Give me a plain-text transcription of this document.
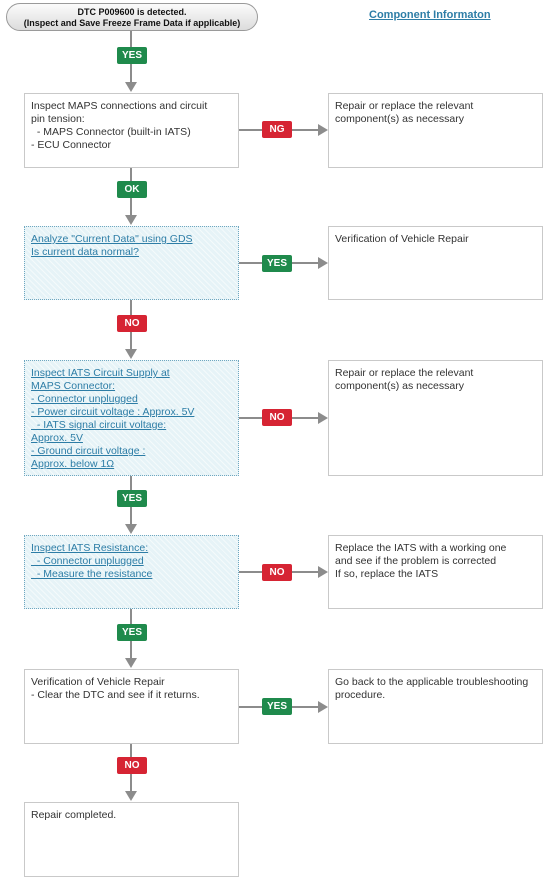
DTC P009600 is detected.
(Inspect and Save Freeze Frame Data if applicable)
Component Informaton
Inspect MAPS connections and circuit
pin tension:
- MAPS Connector (built-in IATS)
- ECU Connector
Analyze "Current Data" using GDS
Is current data normal?
Inspect IATS Circuit Supply at
MAPS Connector:
- Connector unplugged
- Power circuit voltage : Approx. 5V
- IATS signal circuit voltage:
Approx. 5V
- Ground circuit voltage :
Approx. below 1Ω
Inspect IATS Resistance:
- Connector unplugged
- Measure the resistance
Verification of Vehicle Repair
- Clear the DTC and see if it returns.
Repair completed.
Repair or replace the relevant
component(s) as necessary
Verification of Vehicle Repair
Repair or replace the relevant
component(s) as necessary
Replace the IATS with a working one
and see if the problem is corrected
If so, replace the IATS
Go back to the applicable troubleshooting
procedure.
YES
OK
NO
YES
YES
NO
NG
YES
NO
NO
YES
